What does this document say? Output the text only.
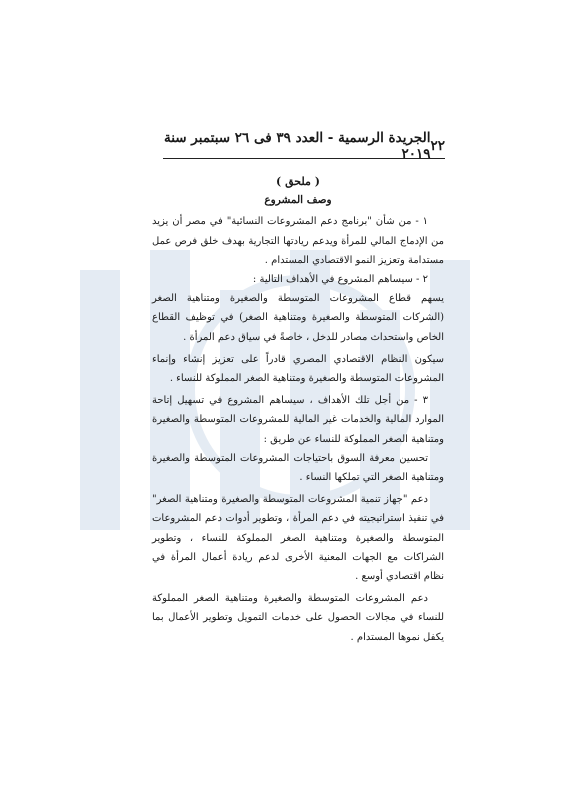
٢٢
الجريدة الرسمية - العدد ٣٩ فى ٢٦ سبتمبر سنة ٢٠١٩

( ملحق )

وصف المشروع

١ - من شأن "برنامج دعم المشروعات النسائية" في مصر أن يزيد من الإدماج المالي للمرأة ويدعم ريادتها التجارية بهدف خلق فرص عمل مستدامة وتعزيز النمو الاقتصادي المستدام .

٢ - سيساهم المشروع في الأهداف التالية :

يسهم قطاع المشروعات المتوسطة والصغيرة ومتناهية الصغر (الشركات المتوسطة والصغيرة ومتناهية الصغر) في توظيف القطاع الخاص واستحداث مصادر للدخل ، خاصةً في سياق دعم المرأة .

سيكون النظام الاقتصادي المصري قادراً على تعزيز إنشاء وإنماء المشروعات المتوسطة والصغيرة ومتناهية الصغر المملوكة للنساء .

٣ - من أجل تلك الأهداف ، سيساهم المشروع في تسهيل إتاحة الموارد المالية والخدمات غير المالية للمشروعات المتوسطة والصغيرة ومتناهية الصغر المملوكة للنساء عن طريق :

تحسين معرفة السوق باحتياجات المشروعات المتوسطة والصغيرة ومتناهية الصغر التي تملكها النساء .

دعم "جهاز تنمية المشروعات المتوسطة والصغيرة ومتناهية الصغر" في تنفيذ استراتيجيته في دعم المرأة ، وتطوير أدوات دعم المشروعات المتوسطة والصغيرة ومتناهية الصغر المملوكة للنساء ، وتطوير الشراكات مع الجهات المعنية الأخرى لدعم ريادة أعمال المرأة في نظام اقتصادي أوسع .

دعم المشروعات المتوسطة والصغيرة ومتناهية الصغر المملوكة للنساء في مجالات الحصول على خدمات التمويل وتطوير الأعمال بما يكفل نموها المستدام .
